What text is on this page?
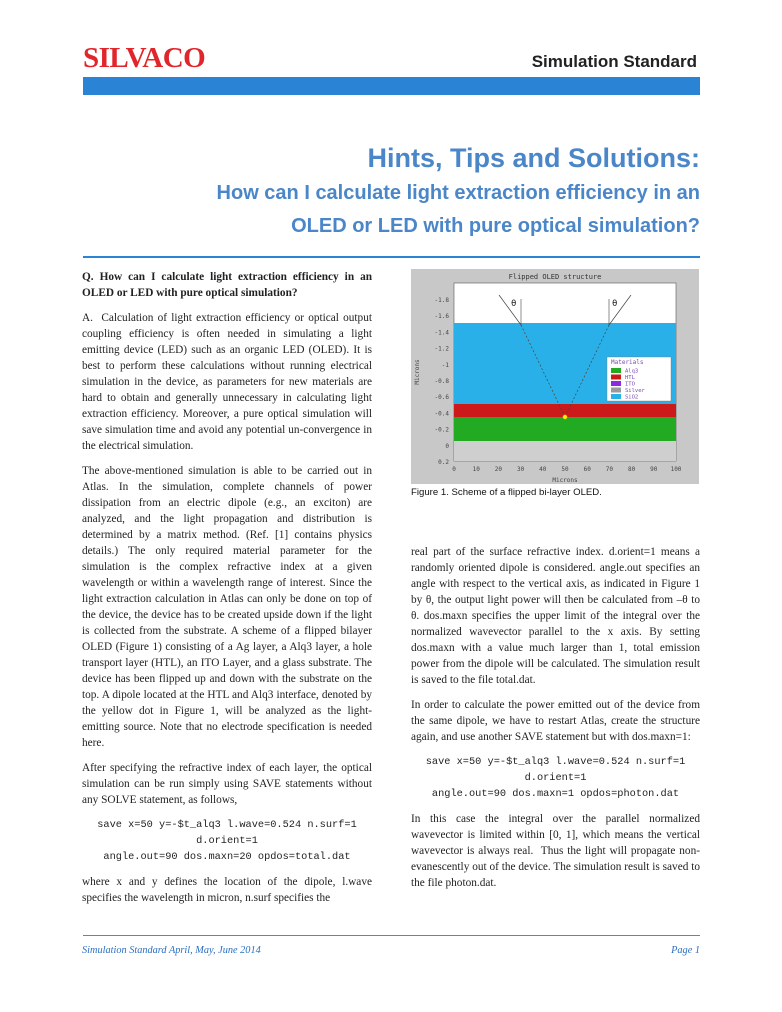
SILVACO	Simulation Standard
Hints, Tips and Solutions:
How can I calculate light extraction efficiency in an
OLED or LED with pure optical simulation?

Q. How can I calculate light extraction efficiency in an OLED or LED with pure optical simulation?

A.  Calculation of light extraction efficiency or optical output coupling efficiency is often needed in simulating a light emitting device (LED) such as an organic LED (OLED). It is best to perform these calculations without running electrical simulation in the device, as parameters for new materials are hard to obtain and generally unnecessary in calculating light extraction efficiency. Moreover, a pure optical simulation will save simulation time and avoid any potential un-convergence in the electrical simulation.

The above-mentioned simulation is able to be carried out in Atlas. In the simulation, complete channels of power dissipation from an electric dipole (e.g., an exciton) are analyzed, and the light propagation and distribution is determined by a matrix method. (Ref. [1] contains physics details.) The only required material parameter for the simulation is the complex refractive index at a given wavelength or within a wavelength range of interest. Since the light extraction calculation in Atlas can only be done on top of the device, the device has to be created upside down if the light is collected from the substrate. A scheme of a flipped bilayer OLED (Figure 1) consisting of a Ag layer, a Alq3 layer, a hole transport layer (HTL), an ITO Layer, and a glass substrate. The device has been flipped up and down with the substrate on the top. A dipole located at the HTL and Alq3 interface, denoted by the yellow dot in Figure 1, will be analyzed as the light-emitting source. Note that no electrode specification is needed here.

After specifying the refractive index of each layer, the optical simulation can be run simply using SAVE statements without any SOLVE statement, as follows,

save x=50 y=-$t_alq3 l.wave=0.524 n.surf=1
d.orient=1
angle.out=90 dos.maxn=20 opdos=total.dat

where x and y defines the location of the dipole, l.wave specifies the wavelength in micron, n.surf specifies the

Flipped OLED structure
θ	θ
Materials
Alq3
HTL
ITO
Silver
SiO2
0	10 20 30 40 50 60 70 80 90 100
-1.8
-1.6
-1.4
-1.2
-1
-0.8
-0.6
-0.4
-0.2
0
0.2
Microns
Microns
Figure 1. Scheme of a flipped bi-layer OLED.

real part of the surface refractive index. d.orient=1 means a randomly oriented dipole is considered. angle.out specifies an angle with respect to the vertical axis, as indicated in Figure 1 by θ, the output light power will then be calculated from –θ to θ. dos.maxn specifies the upper limit of the integral over the normalized wavevector parallel to the x axis. By setting dos.maxn with a value much larger than 1, total emission power from the dipole will be calculated. The simulation result is saved to the file total.dat.

In order to calculate the power emitted out of the device from the same dipole, we have to restart Atlas, create the structure again, and use another SAVE statement but with dos.maxn=1:

save x=50 y=-$t_alq3 l.wave=0.524 n.surf=1
d.orient=1
angle.out=90 dos.maxn=1 opdos=photon.dat

In this case the integral over the parallel normalized wavevector is limited within [0, 1], which means the vertical wavevector is always real.  Thus the light will propagate non-evanescently out of the device. The simulation result is saved to the file photon.dat.

Simulation Standard April, May, June 2014	Page 1
